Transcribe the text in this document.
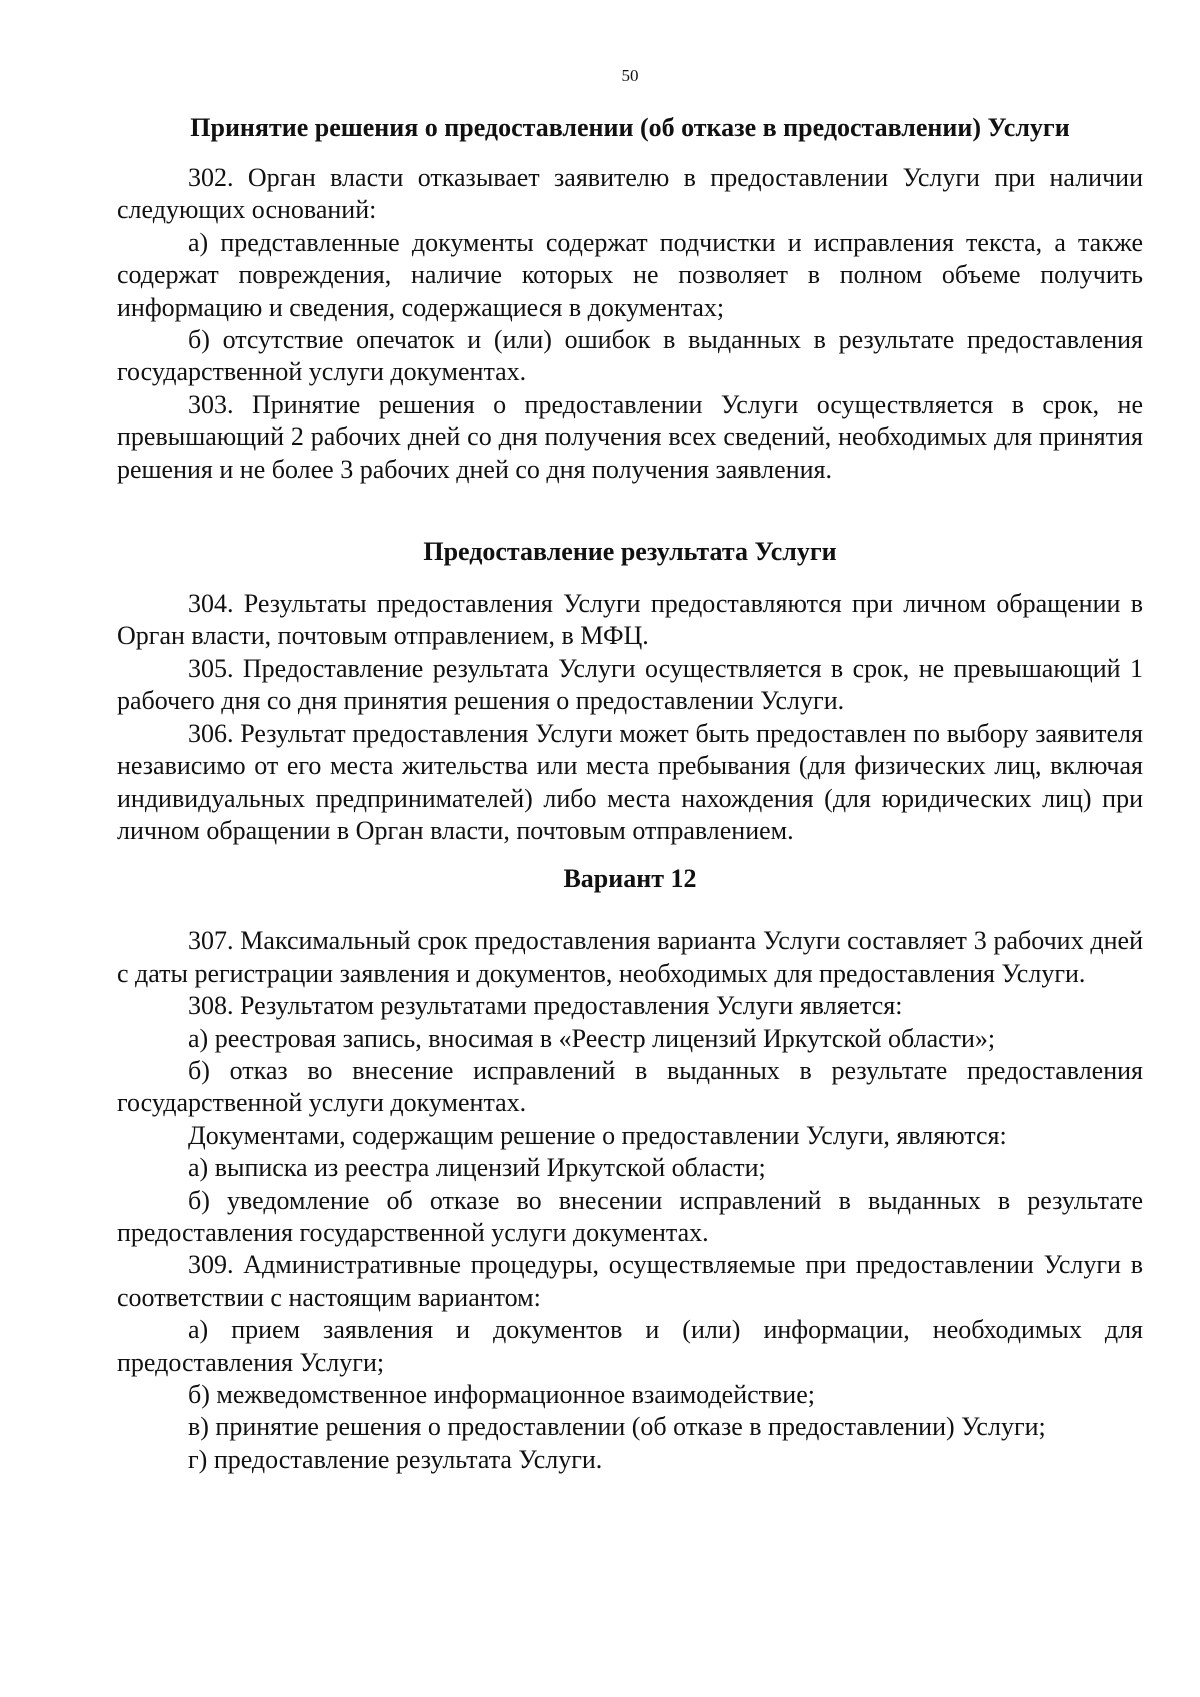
50
Принятие решения о предоставлении (об отказе в предоставлении) Услуги

302. Орган власти отказывает заявителю в предоставлении Услуги при наличии следующих оснований:

а) представленные документы содержат подчистки и исправления текста, а также содержат повреждения, наличие которых не позволяет в полном объеме получить информацию и сведения, содержащиеся в документах;

б) отсутствие опечаток и (или) ошибок в выданных в результате предоставления государственной услуги документах.

303. Принятие решения о предоставлении Услуги осуществляется в срок, не превышающий 2 рабочих дней со дня получения всех сведений, необходимых для принятия решения и не более 3 рабочих дней со дня получения заявления.

Предоставление результата Услуги

304. Результаты предоставления Услуги предоставляются при личном обращении в Орган власти, почтовым отправлением, в МФЦ.

305. Предоставление результата Услуги осуществляется в срок, не превышающий 1 рабочего дня со дня принятия решения о предоставлении Услуги.

306. Результат предоставления Услуги может быть предоставлен по выбору заявителя независимо от его места жительства или места пребывания (для физических лиц, включая индивидуальных предпринимателей) либо места нахождения (для юридических лиц) при личном обращении в Орган власти, почтовым отправлением.

Вариант 12

307. Максимальный срок предоставления варианта Услуги составляет 3 рабочих дней с даты регистрации заявления и документов, необходимых для предоставления Услуги.

308. Результатом результатами предоставления Услуги является:

а) реестровая запись, вносимая в «Реестр лицензий Иркутской области»;

б) отказ во внесение исправлений в выданных в результате предоставления государственной услуги документах.

Документами, содержащим решение о предоставлении Услуги, являются:

а) выписка из реестра лицензий Иркутской области;

б) уведомление об отказе во внесении исправлений в выданных в результате предоставления государственной услуги документах.

309. Административные процедуры, осуществляемые при предоставлении Услуги в соответствии с настоящим вариантом:

а) прием заявления и документов и (или) информации, необходимых для предоставления Услуги;

б) межведомственное информационное взаимодействие;

в) принятие решения о предоставлении (об отказе в предоставлении) Услуги;

г) предоставление результата Услуги.
